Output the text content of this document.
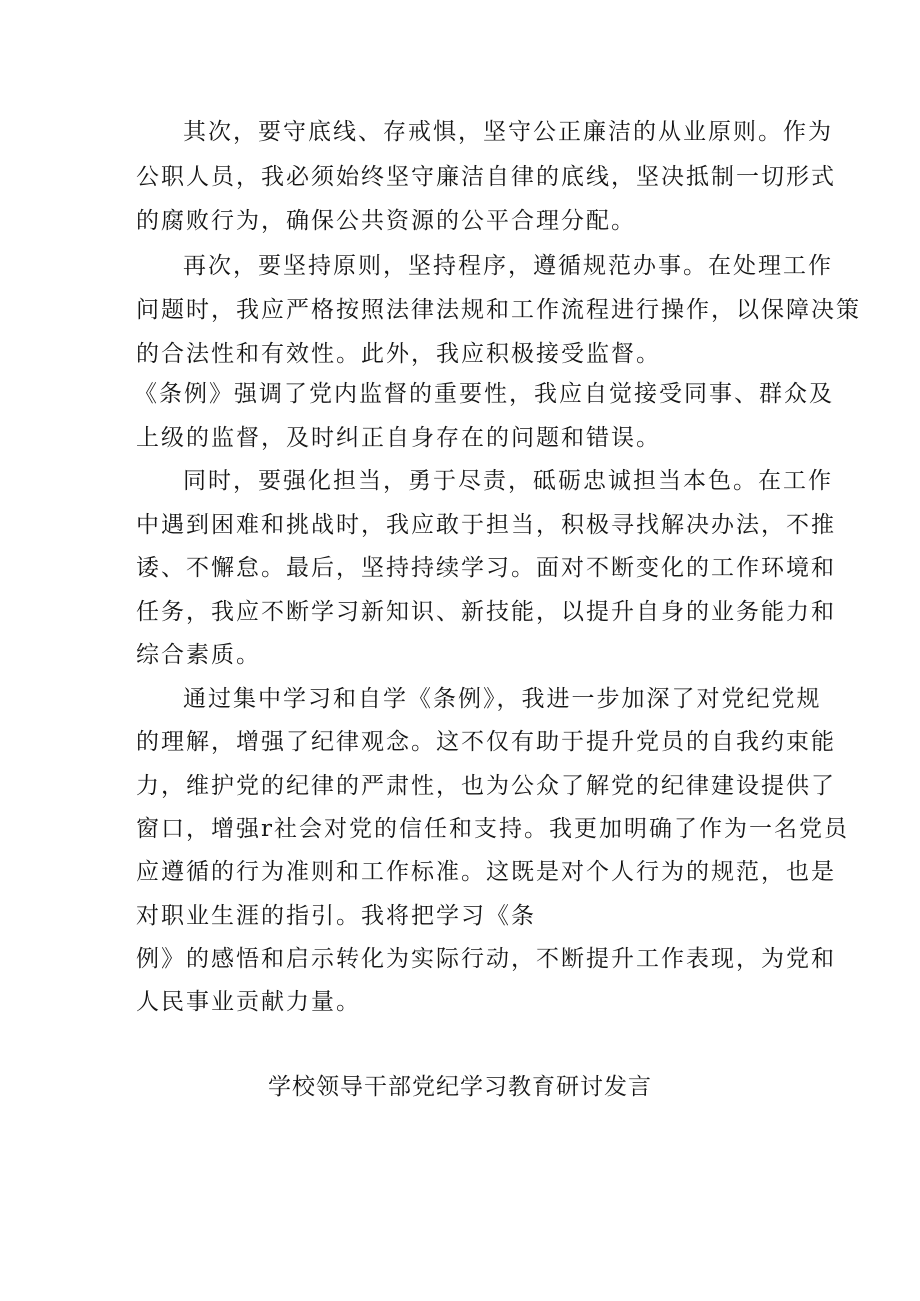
其次，要守底线、存戒惧，坚守公正廉洁的从业原则。作为
公职人员，我必须始终坚守廉洁自律的底线，坚决抵制一切形式
的腐败行为，确保公共资源的公平合理分配。
再次，要坚持原则，坚持程序，遵循规范办事。在处理工作
问题时，我应严格按照法律法规和工作流程进行操作，以保障决策
的合法性和有效性。此外，我应积极接受监督。
《条例》强调了党内监督的重要性，我应自觉接受同事、群众及
上级的监督，及时纠正自身存在的问题和错误。
同时，要强化担当，勇于尽责，砥砺忠诚担当本色。在工作
中遇到困难和挑战时，我应敢于担当，积极寻找解决办法，不推
诿、不懈怠。最后，坚持持续学习。面对不断变化的工作环境和
任务，我应不断学习新知识、新技能，以提升自身的业务能力和
综合素质。
通过集中学习和自学《条例》，我进一步加深了对党纪党规
的理解，增强了纪律观念。这不仅有助于提升党员的自我约束能
力，维护党的纪律的严肃性，也为公众了解党的纪律建设提供了
窗口，增强r社会对党的信任和支持。我更加明确了作为一名党员
应遵循的行为准则和工作标准。这既是对个人行为的规范，也是
对职业生涯的指引。我将把学习《条
例》的感悟和启示转化为实际行动，不断提升工作表现，为党和
人民事业贡献力量。
学校领导干部党纪学习教育研讨发言
